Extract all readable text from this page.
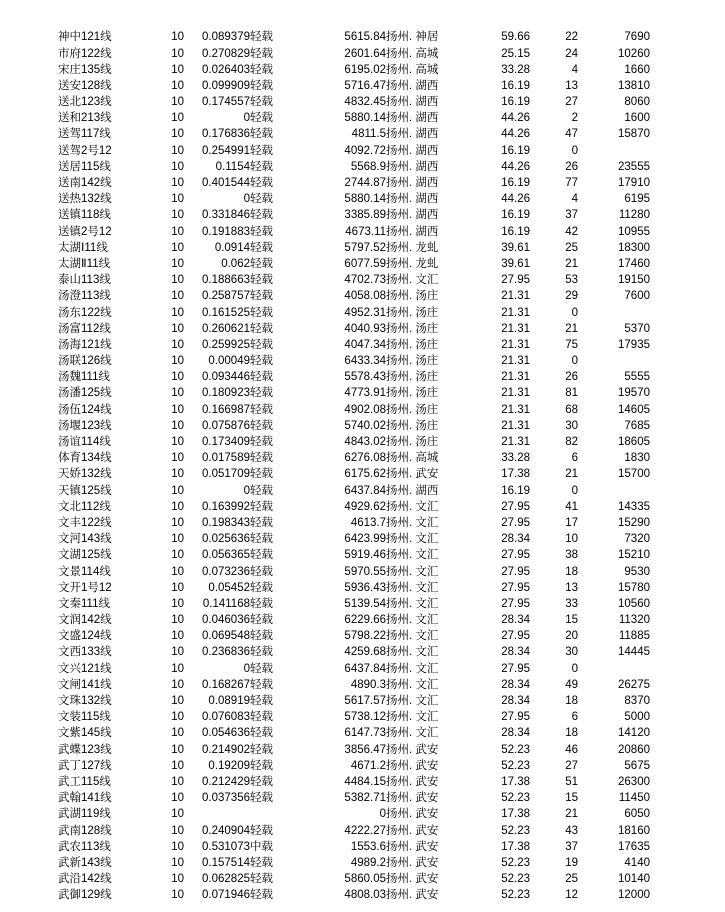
神中121线	10	0.089379	轻载	5615.84	扬州. 神居	59.66	22	7690
市府122线	10	0.270829	轻载	2601.64	扬州. 高城	25.15	24	10260
宋庄135线	10	0.026403	轻载	6195.02	扬州. 高城	33.28	4	1660
送安128线	10	0.099909	轻载	5716.47	扬州. 湖西	16.19	13	13810
送北123线	10	0.174557	轻载	4832.45	扬州. 湖西	16.19	27	8060
送和213线	10	0	轻载	5880.14	扬州. 湖西	44.26	2	1600
送驾117线	10	0.176836	轻载	4811.5	扬州. 湖西	44.26	47	15870
送驾2号12	10	0.254991	轻载	4092.72	扬州. 湖西	16.19	0	
送居115线	10	0.1154	轻载	5568.9	扬州. 湖西	44.26	26	23555
送南142线	10	0.401544	轻载	2744.87	扬州. 湖西	16.19	77	17910
送热132线	10	0	轻载	5880.14	扬州. 湖西	44.26	4	6195
送镇118线	10	0.331846	轻载	3385.89	扬州. 湖西	16.19	37	11280
送镇2号12	10	0.191883	轻载	4673.11	扬州. 湖西	16.19	42	10955
太湖Ⅰ11线	10	0.0914	轻载	5797.52	扬州. 龙虬	39.61	25	18300
太湖Ⅱ11线	10	0.062	轻载	6077.59	扬州. 龙虬	39.61	21	17460
泰山113线	10	0.188663	轻载	4702.73	扬州. 文汇	27.95	53	19150
汤澄113线	10	0.258757	轻载	4058.08	扬州. 汤庄	21.31	29	7600
汤东122线	10	0.161525	轻载	4952.31	扬州. 汤庄	21.31	0	
汤富112线	10	0.260621	轻载	4040.93	扬州. 汤庄	21.31	21	5370
汤海121线	10	0.259925	轻载	4047.34	扬州. 汤庄	21.31	75	17935
汤联126线	10	0.00049	轻载	6433.34	扬州. 汤庄	21.31	0	
汤魏111线	10	0.093446	轻载	5578.43	扬州. 汤庄	21.31	26	5555
汤潘125线	10	0.180923	轻载	4773.91	扬州. 汤庄	21.31	81	19570
汤伍124线	10	0.166987	轻载	4902.08	扬州. 汤庄	21.31	68	14605
汤堰123线	10	0.075876	轻载	5740.02	扬州. 汤庄	21.31	30	7685
汤谊114线	10	0.173409	轻载	4843.02	扬州. 汤庄	21.31	82	18605
体育134线	10	0.017589	轻载	6276.08	扬州. 高城	33.28	6	1830
天娇132线	10	0.051709	轻载	6175.62	扬州. 武安	17.38	21	15700
天镇125线	10	0	轻载	6437.84	扬州. 湖西	16.19	0	
文北112线	10	0.163992	轻载	4929.62	扬州. 文汇	27.95	41	14335
文丰122线	10	0.198343	轻载	4613.7	扬州. 文汇	27.95	17	15290
文河143线	10	0.025636	轻载	6423.99	扬州. 文汇	28.34	10	7320
文湖125线	10	0.056365	轻载	5919.46	扬州. 文汇	27.95	38	15210
文景114线	10	0.073236	轻载	5970.55	扬州. 文汇	27.95	18	9530
文开1号12	10	0.05452	轻载	5936.43	扬州. 文汇	27.95	13	15780
文秦111线	10	0.141168	轻载	5139.54	扬州. 文汇	27.95	33	10560
文润142线	10	0.046036	轻载	6229.66	扬州. 文汇	28.34	15	11320
文盛124线	10	0.069548	轻载	5798.22	扬州. 文汇	27.95	20	11885
文西133线	10	0.236836	轻载	4259.68	扬州. 文汇	28.34	30	14445
文兴121线	10	0	轻载	6437.84	扬州. 文汇	27.95	0	
文闸141线	10	0.168267	轻载	4890.3	扬州. 文汇	28.34	49	26275
文珠132线	10	0.08919	轻载	5617.57	扬州. 文汇	28.34	18	8370
文装115线	10	0.076083	轻载	5738.12	扬州. 文汇	27.95	6	5000
文紫145线	10	0.054636	轻载	6147.73	扬州. 文汇	28.34	18	14120
武蝶123线	10	0.214902	轻载	3856.47	扬州. 武安	52.23	46	20860
武丁127线	10	0.19209	轻载	4671.2	扬州. 武安	52.23	27	5675
武工115线	10	0.212429	轻载	4484.15	扬州. 武安	17.38	51	26300
武翰141线	10	0.037356	轻载	5382.71	扬州. 武安	52.23	15	11450
武湖119线	10			0	扬州. 武安	17.38	21	6050
武南128线	10	0.240904	轻载	4222.27	扬州. 武安	52.23	43	18160
武农113线	10	0.531073	中载	1553.6	扬州. 武安	17.38	37	17635
武新143线	10	0.157514	轻载	4989.2	扬州. 武安	52.23	19	4140
武沿142线	10	0.062825	轻载	5860.05	扬州. 武安	52.23	25	10140
武御129线	10	0.071946	轻载	4808.03	扬州. 武安	52.23	12	12000
